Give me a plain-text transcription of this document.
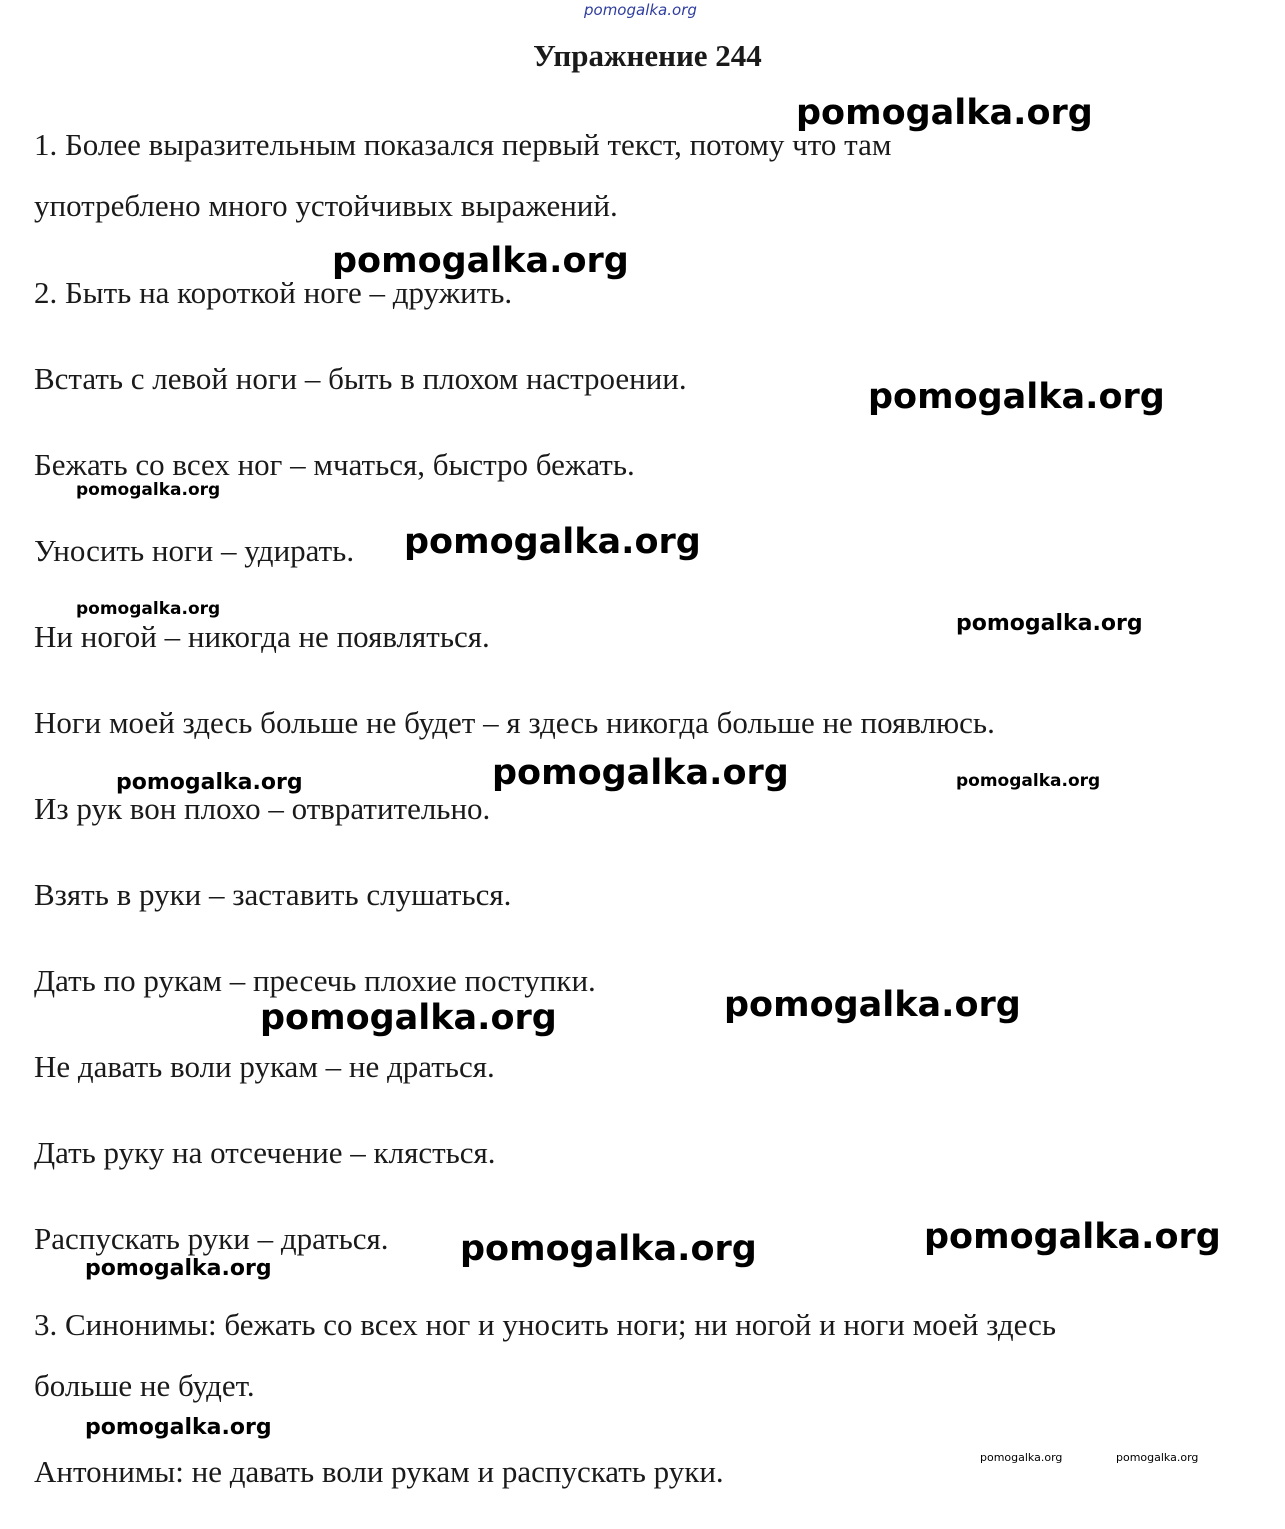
pomogalka.org
Упражнение 244
1. Более выразительным показался первый текст, потому что там
употреблено много устойчивых выражений.
2. Быть на короткой ноге – дружить.
Встать с левой ноги – быть в плохом настроении.
Бежать со всех ног – мчаться, быстро бежать.
Уносить ноги – удирать.
Ни ногой – никогда не появляться.
Ноги моей здесь больше не будет – я здесь никогда больше не появлюсь.
Из рук вон плохо – отвратительно.
Взять в руки – заставить слушаться.
Дать по рукам – пресечь плохие поступки.
Не давать воли рукам – не драться.
Дать руку на отсечение – клясться.
Распускать руки – драться.
3. Синонимы: бежать со всех ног и уносить ноги; ни ногой и ноги моей здесь
больше не будет.
Антонимы: не давать воли рукам и распускать руки.
pomogalka.org
pomogalka.org
pomogalka.org
pomogalka.org
pomogalka.org
pomogalka.org
pomogalka.org
pomogalka.org	pomogalka.org	pomogalka.org
pomogalka.org
pomogalka.org
pomogalka.org
pomogalka.org
pomogalka.org
pomogalka.org
pomogalka.org	pomogalka.org
